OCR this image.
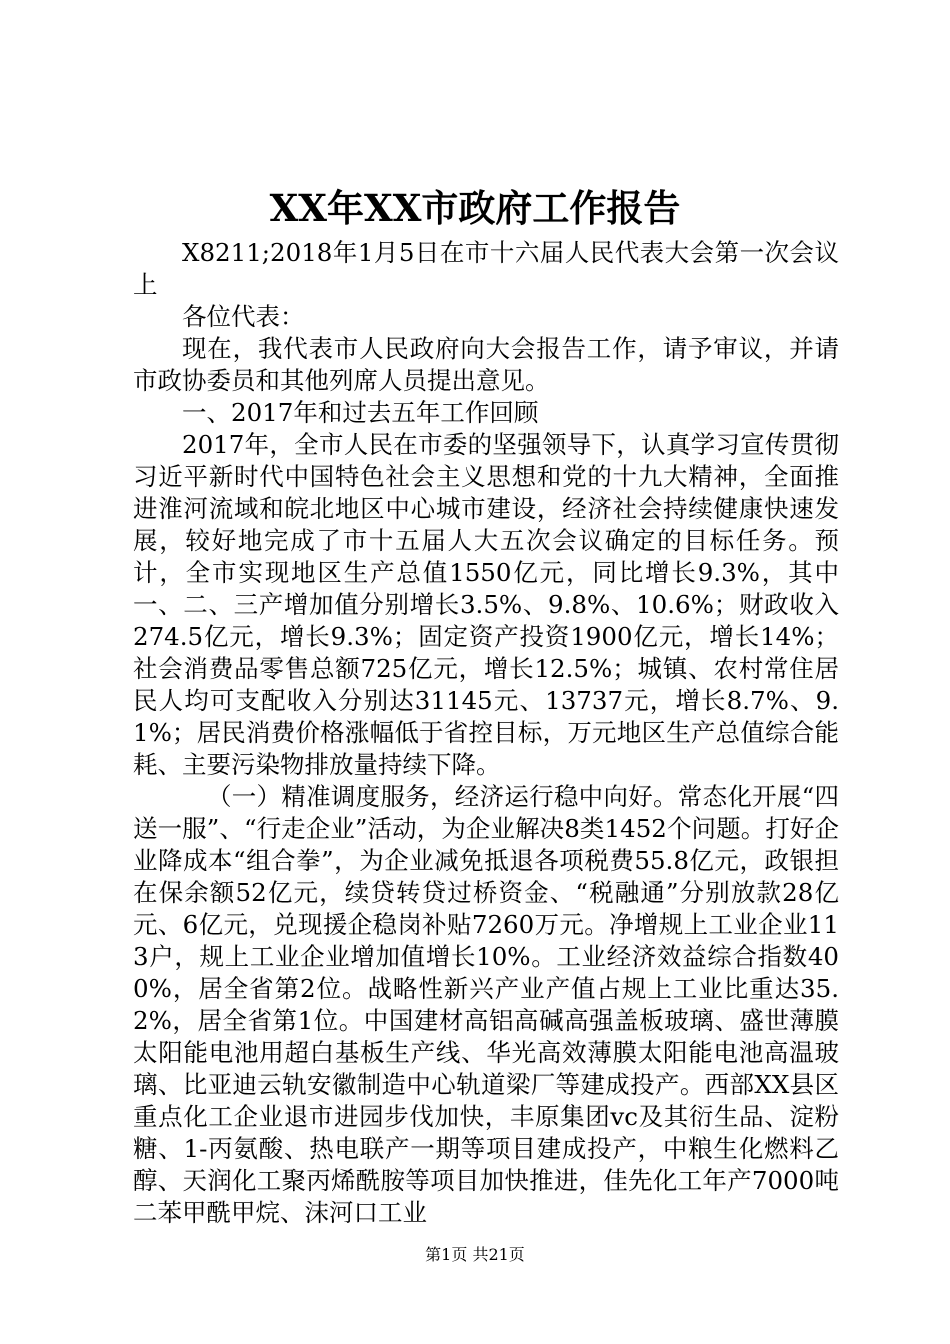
XX年XX市政府工作报告

X8211;2018年1月5日在市十六届人民代表大会第一次会议上

各位代表：

现在，我代表市人民政府向大会报告工作，请予审议，并请市政协委员和其他列席人员提出意见。

一、2017年和过去五年工作回顾

2017年，全市人民在市委的坚强领导下，认真学习宣传贯彻习近平新时代中国特色社会主义思想和党的十九大精神，全面推进淮河流域和皖北地区中心城市建设，经济社会持续健康快速发展，较好地完成了市十五届人大五次会议确定的目标任务。预计，全市实现地区生产总值1550亿元，同比增长9.3%，其中一、二、三产增加值分别增长3.5%、9.8%、10.6%；财政收入274.5亿元，增长9.3%；固定资产投资1900亿元，增长14%；社会消费品零售总额725亿元，增长12.5%；城镇、农村常住居民人均可支配收入分别达31145元、13737元，增长8.7%、9.1%；居民消费价格涨幅低于省控目标，万元地区生产总值综合能耗、主要污染物排放量持续下降。

（一）精准调度服务，经济运行稳中向好。常态化开展“四送一服”、“行走企业”活动，为企业解决8类1452个问题。打好企业降成本“组合拳”，为企业减免抵退各项税费55.8亿元，政银担在保余额52亿元，续贷转贷过桥资金、“税融通”分别放款28亿元、6亿元，兑现援企稳岗补贴7260万元。净增规上工业企业113户，规上工业企业增加值增长10%。工业经济效益综合指数400%，居全省第2位。战略性新兴产业产值占规上工业比重达35.2%，居全省第1位。中国建材高铝高碱高强盖板玻璃、盛世薄膜太阳能电池用超白基板生产线、华光高效薄膜太阳能电池高温玻璃、比亚迪云轨安徽制造中心轨道梁厂等建成投产。西部XX县区重点化工企业退市进园步伐加快，丰原集团vc及其衍生品、淀粉糖、1-丙氨酸、热电联产一期等项目建成投产，中粮生化燃料乙醇、天润化工聚丙烯酰胺等项目加快推进，佳先化工年产7000吨二苯甲酰甲烷、沫河口工业

第1页 共21页
